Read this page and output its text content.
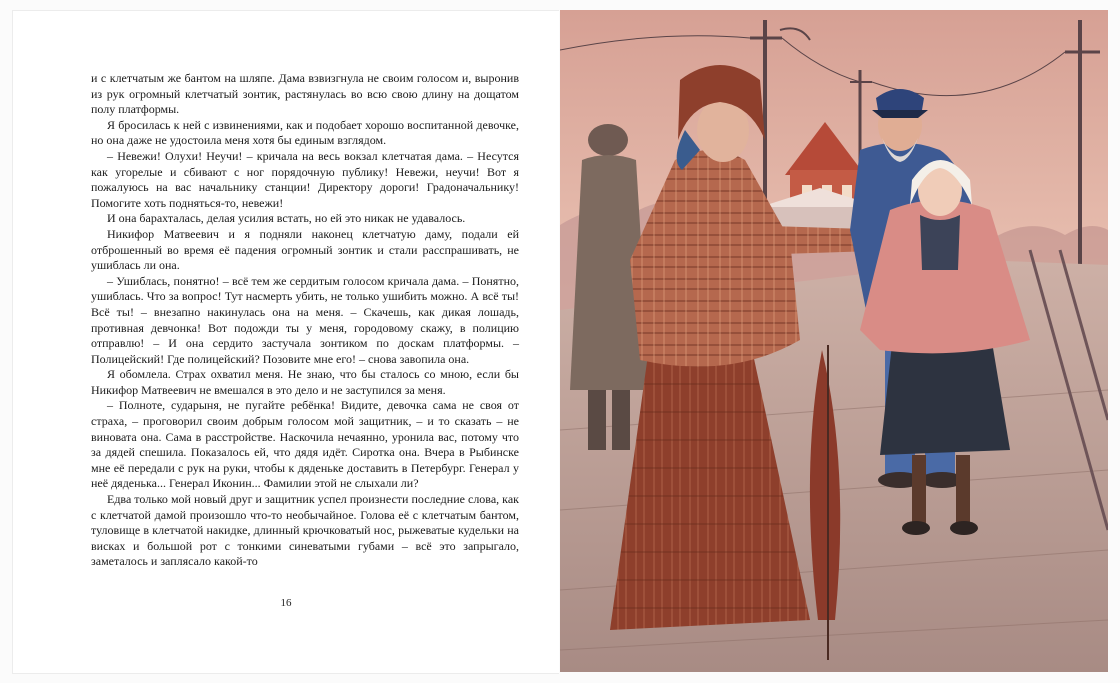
и с клетчатым же бантом на шляпе. Дама взвизгнула не своим голосом и, выронив из рук огромный клетчатый зонтик, растянулась во всю свою длину на дощатом полу платформы.

Я бросилась к ней с извинениями, как и подобает хорошо воспитанной девочке, но она даже не удостоила меня хотя бы единым взглядом.

– Невежи! Олухи! Неучи! – кричала на весь вокзал клетчатая дама. – Несутся как угорелые и сбивают с ног порядочную публику! Невежи, неучи! Вот я пожалуюсь на вас начальнику станции! Директору дороги! Градоначальнику! Помогите хоть подняться-то, невежи!

И она барахталась, делая усилия встать, но ей это никак не удавалось.

Никифор Матвеевич и я подняли наконец клетчатую даму, подали ей отброшенный во время её падения огромный зонтик и стали расспрашивать, не ушиблась ли она.

– Ушиблась, понятно! – всё тем же сердитым голосом кричала дама. – Понятно, ушиблась. Что за вопрос! Тут насмерть убить, не только ушибить можно. А всё ты! Всё ты! – внезапно накинулась она на меня. – Скачешь, как дикая лошадь, противная девчонка! Вот подожди ты у меня, городовому скажу, в полицию отправлю! – И она сердито застучала зонтиком по доскам платформы. – Полицейский! Где полицейский? Позовите мне его! – снова завопила она.

Я обомлела. Страх охватил меня. Не знаю, что бы сталось со мною, если бы Никифор Матвеевич не вмешался в это дело и не заступился за меня.

– Полноте, сударыня, не пугайте ребёнка! Видите, девочка сама не своя от страха, – проговорил своим добрым голосом мой защитник, – и то сказать – не виновата она. Сама в расстройстве. Наскочила нечаянно, уронила вас, потому что за дядей спешила. Показалось ей, что дядя идёт. Сиротка она. Вчера в Рыбинске мне её передали с рук на руки, чтобы к дяденьке доставить в Петербург. Генерал у неё дяденька... Генерал Иконин... Фамилии этой не слыхали ли?

Едва только мой новый друг и защитник успел произнести последние слова, как с клетчатой дамой произошло что-то необычайное. Голова её с клетчатым бантом, туловище в клетчатой накидке, длинный крючковатый нос, рыжеватые кудельки на висках и большой рот с тонкими синеватыми губами – всё это запрыгало, заметалось и заплясало какой-то

16
